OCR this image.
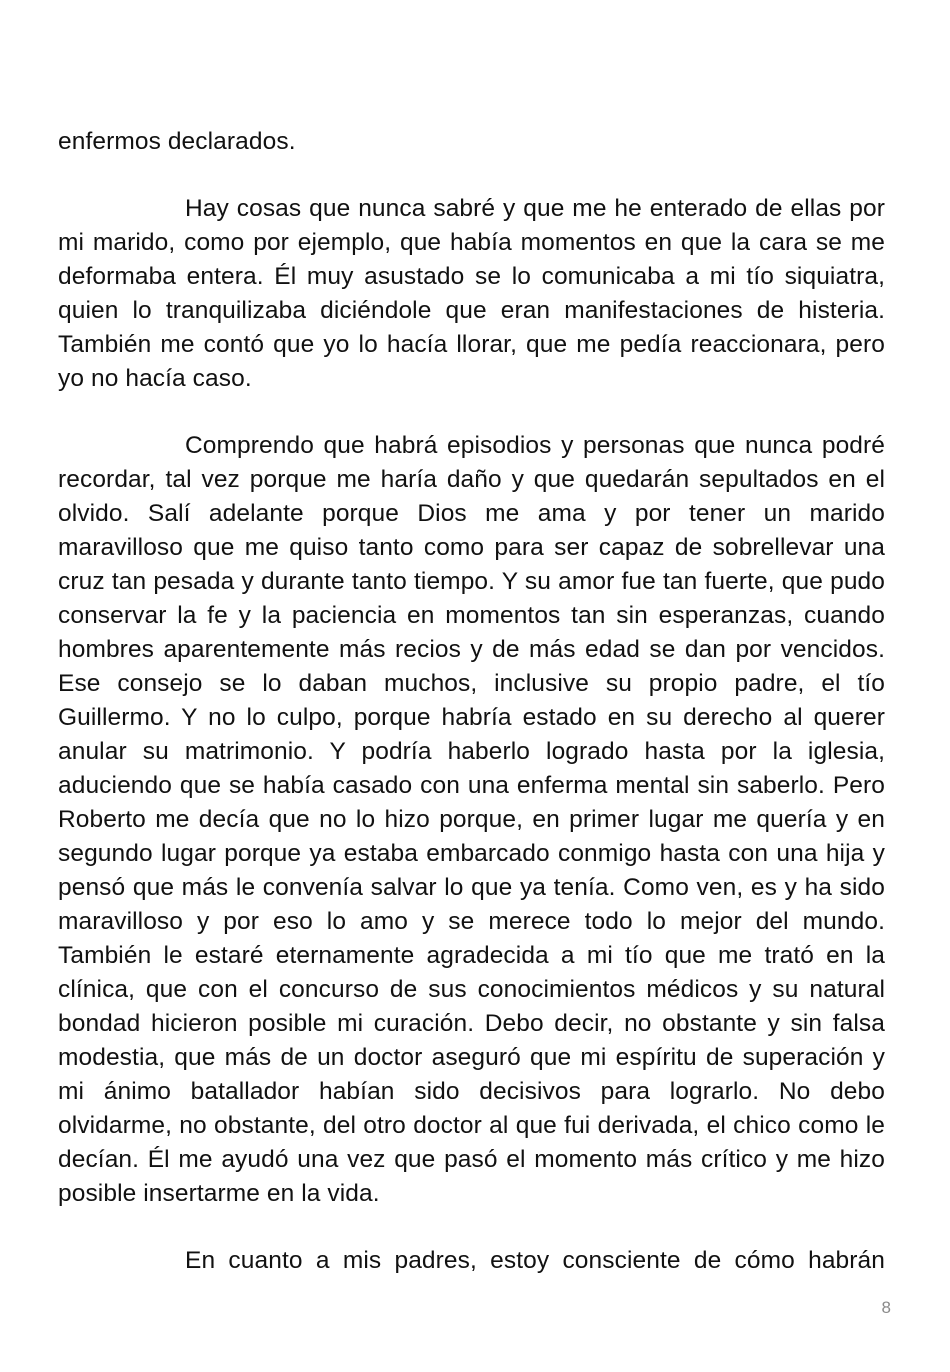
enfermos declarados.

Hay cosas que nunca sabré y que me he enterado de ellas por mi marido, como por ejemplo, que había momentos en que la cara se me deformaba entera. Él muy asustado se lo comunicaba a mi tío siquiatra, quien lo tranquilizaba diciéndole que eran manifestaciones de histeria. También me contó que yo lo hacía llorar, que me pedía reaccionara, pero yo no hacía caso.

Comprendo que habrá episodios y personas que nunca podré recordar, tal vez porque me haría daño y que quedarán sepultados en el olvido. Salí adelante porque Dios me ama y por tener un marido maravilloso que me quiso tanto como para ser capaz de sobrellevar una cruz tan pesada y durante tanto tiempo. Y su amor fue tan fuerte, que pudo conservar la fe y la paciencia en momentos tan sin esperanzas, cuando hombres aparentemente más recios y de más edad se dan por vencidos. Ese consejo se lo daban muchos, inclusive su propio padre, el tío Guillermo. Y no lo culpo, porque habría estado en su derecho al querer anular su matrimonio. Y podría haberlo logrado hasta por la iglesia, aduciendo que se había casado con una enferma mental sin saberlo. Pero Roberto me decía que no lo hizo porque, en primer lugar me quería y en segundo lugar porque ya estaba embarcado conmigo hasta con una hija y pensó que más le convenía salvar lo que ya tenía. Como ven, es y ha sido maravilloso y por eso lo amo y se merece todo lo mejor del mundo. También le estaré eternamente agradecida a mi tío que me trató en la clínica, que con el concurso de sus conocimientos médicos y su natural bondad hicieron posible mi curación. Debo decir, no obstante y sin falsa modestia, que más de un doctor aseguró que mi espíritu de superación y mi ánimo batallador habían sido decisivos para lograrlo. No debo olvidarme, no obstante, del otro doctor al que fui derivada, el chico como le decían. Él me ayudó una vez que pasó el momento más crítico y me hizo posible insertarme en la vida.

En cuanto a mis padres, estoy consciente de cómo habrán

8
